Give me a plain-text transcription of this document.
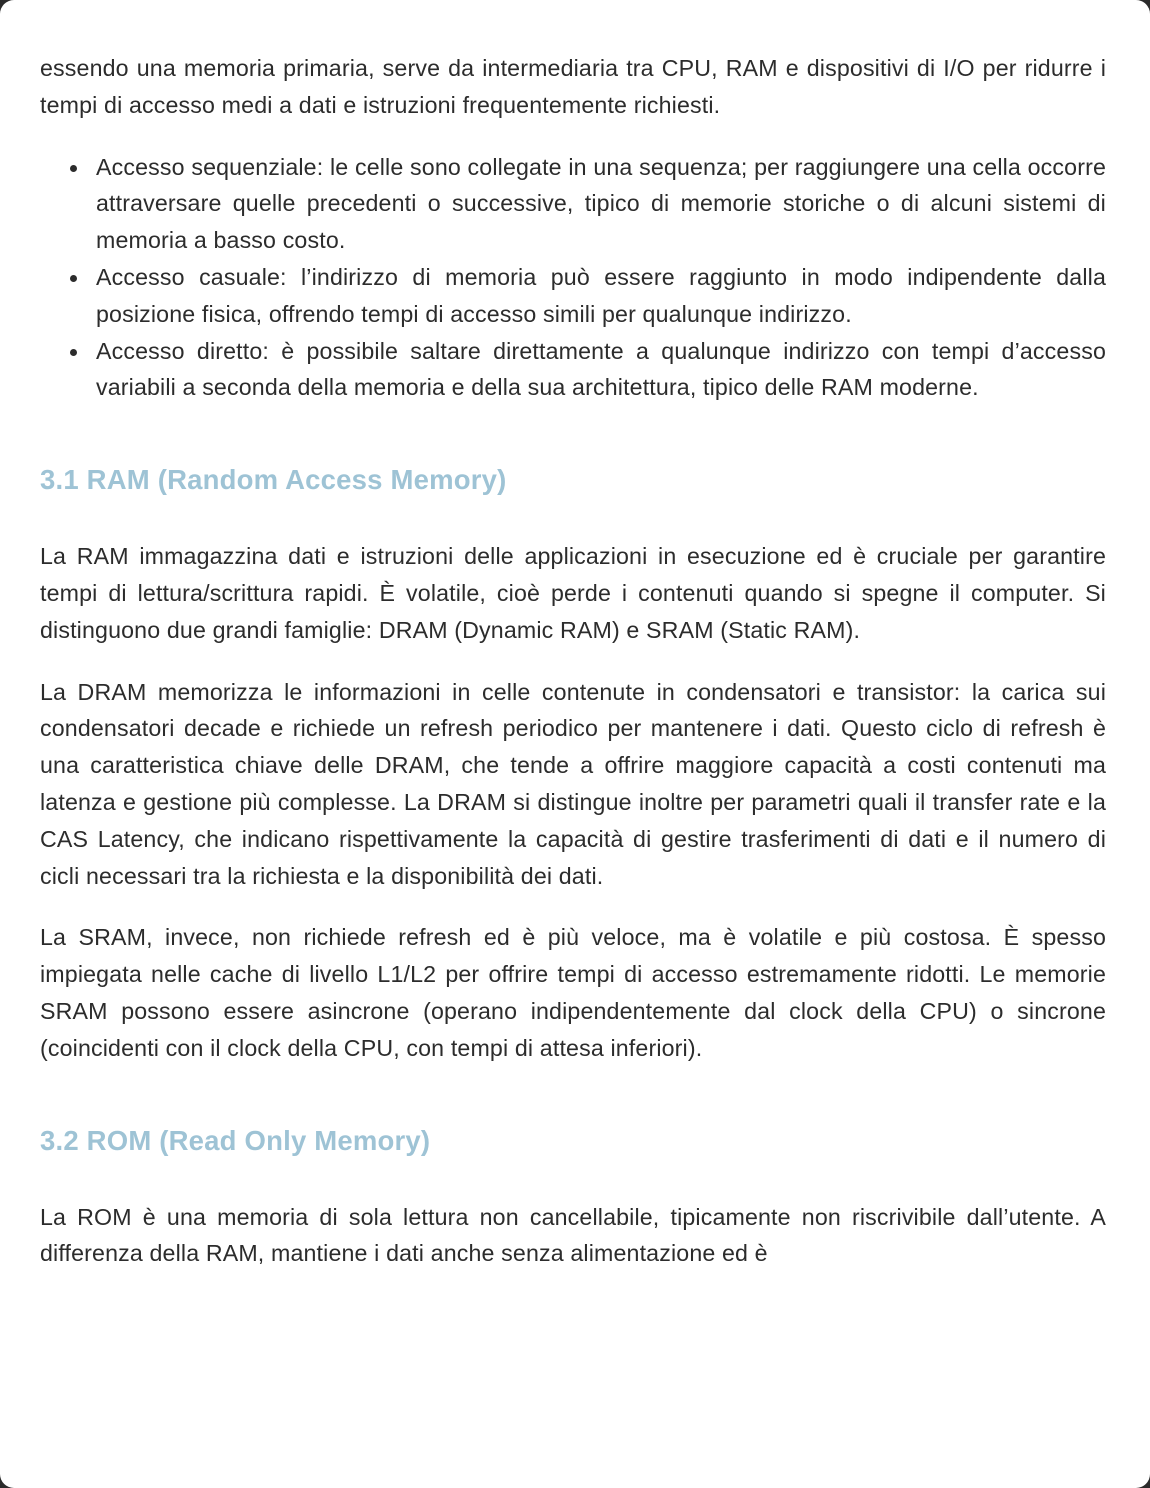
essendo una memoria primaria, serve da intermediaria tra CPU, RAM e dispositivi di I/O per ridurre i tempi di accesso medi a dati e istruzioni frequentemente richiesti.

Accesso sequenziale: le celle sono collegate in una sequenza; per raggiungere una cella occorre attraversare quelle precedenti o successive, tipico di memorie storiche o di alcuni sistemi di memoria a basso costo.
Accesso casuale: l’indirizzo di memoria può essere raggiunto in modo indipendente dalla posizione fisica, offrendo tempi di accesso simili per qualunque indirizzo.
Accesso diretto: è possibile saltare direttamente a qualunque indirizzo con tempi d’accesso variabili a seconda della memoria e della sua architettura, tipico delle RAM moderne.
3.1 RAM (Random Access Memory)

La RAM immagazzina dati e istruzioni delle applicazioni in esecuzione ed è cruciale per garantire tempi di lettura/scrittura rapidi. È volatile, cioè perde i contenuti quando si spegne il computer. Si distinguono due grandi famiglie: DRAM (Dynamic RAM) e SRAM (Static RAM).

La DRAM memorizza le informazioni in celle contenute in condensatori e transistor: la carica sui condensatori decade e richiede un refresh periodico per mantenere i dati. Questo ciclo di refresh è una caratteristica chiave delle DRAM, che tende a offrire maggiore capacità a costi contenuti ma latenza e gestione più complesse. La DRAM si distingue inoltre per parametri quali il transfer rate e la CAS Latency, che indicano rispettivamente la capacità di gestire trasferimenti di dati e il numero di cicli necessari tra la richiesta e la disponibilità dei dati.

La SRAM, invece, non richiede refresh ed è più veloce, ma è volatile e più costosa. È spesso impiegata nelle cache di livello L1/L2 per offrire tempi di accesso estremamente ridotti. Le memorie SRAM possono essere asincrone (operano indipendentemente dal clock della CPU) o sincrone (coincidenti con il clock della CPU, con tempi di attesa inferiori).

3.2 ROM (Read Only Memory)

La ROM è una memoria di sola lettura non cancellabile, tipicamente non riscrivibile dall’utente. A differenza della RAM, mantiene i dati anche senza alimentazione ed è
